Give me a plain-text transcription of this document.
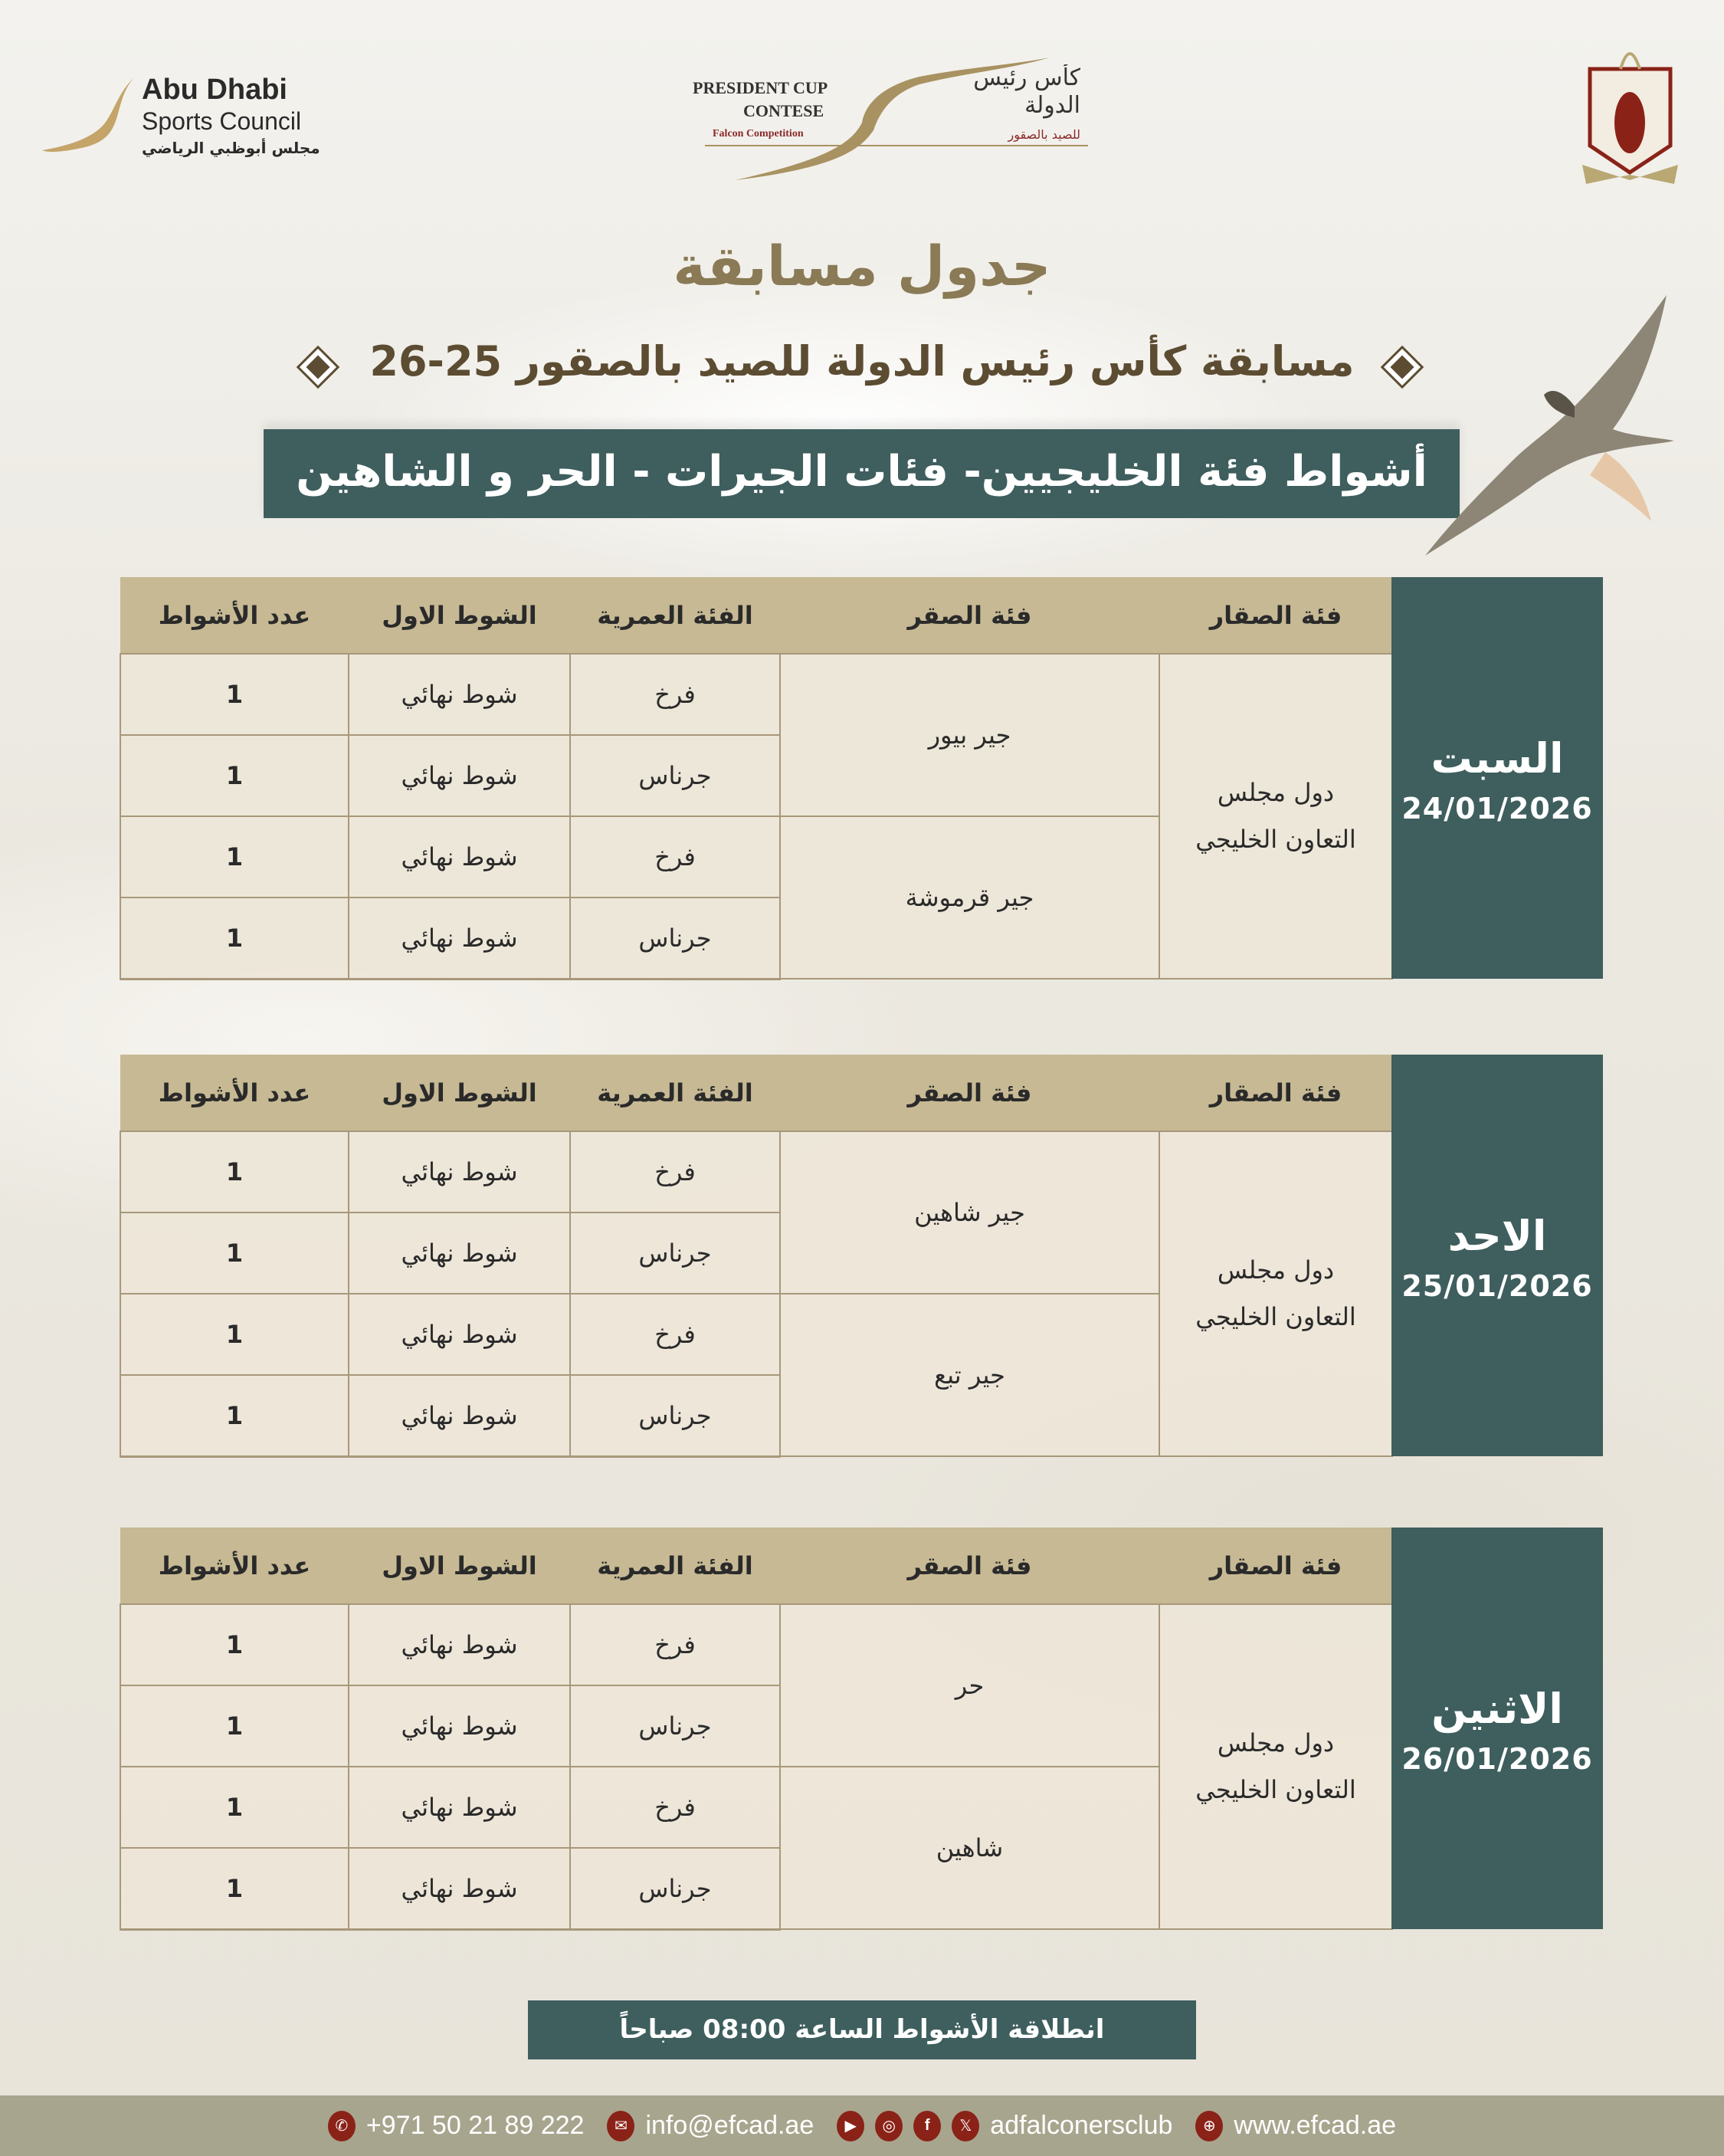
Abu Dhabi
Sports Council
مجلس أبوظبي الرياضي
PRESIDENT CUP
CONTESE
Falcon Competition
كأس رئيس الدولة
للصيد بالصقور
جدول مسابقة
مسابقة كأس رئيس الدولة للصيد بالصقور 25-26
أشواط فئة الخليجيين- فئات الجيرات - الحر و الشاهين
فئة الصقار	فئة الصقر	الفئة العمرية	الشوط الاول	عدد الأشواط
دول مجلس التعاون الخليجي	جير بيور	فرخ	شوط نهائي	1
		جرناس	شوط نهائي	1
	جير قرموشة	فرخ	شوط نهائي	1
		جرناس	شوط نهائي	1
السبت
24/01/2026
فئة الصقار	فئة الصقر	الفئة العمرية	الشوط الاول	عدد الأشواط
دول مجلس التعاون الخليجي	جير شاهين	فرخ	شوط نهائي	1
		جرناس	شوط نهائي	1
	جير تبع	فرخ	شوط نهائي	1
		جرناس	شوط نهائي	1
الاحد
25/01/2026
فئة الصقار	فئة الصقر	الفئة العمرية	الشوط الاول	عدد الأشواط
دول مجلس التعاون الخليجي	حر	فرخ	شوط نهائي	1
		جرناس	شوط نهائي	1
	شاهين	فرخ	شوط نهائي	1
		جرناس	شوط نهائي	1
الاثنين
26/01/2026
انطلاقة الأشواط الساعة 08:00 صباحاً
✆ +971 50 21 89 222	✉ info@efcad.ae	▶	◎	f	𝕏 adfalconersclub	⊕ www.efcad.ae
